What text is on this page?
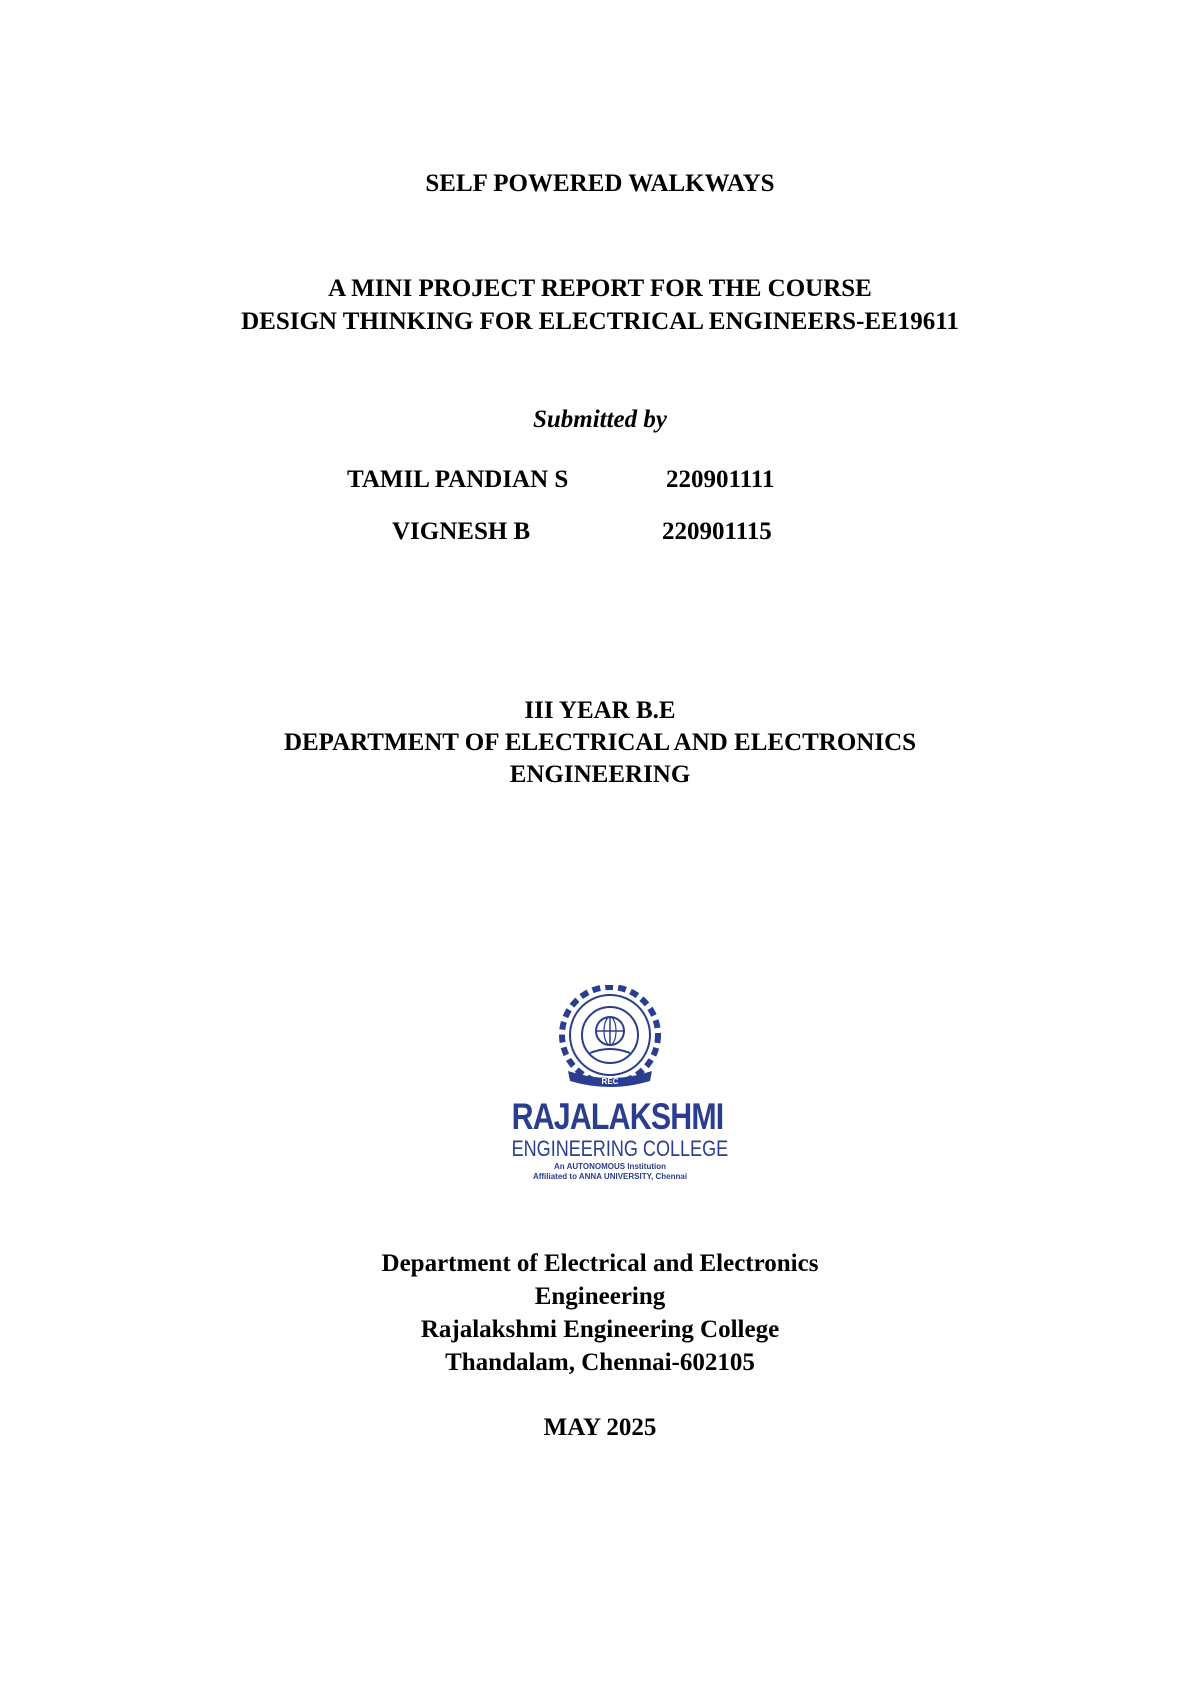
SELF POWERED WALKWAYS
A MINI PROJECT REPORT FOR THE COURSE
DESIGN THINKING FOR ELECTRICAL ENGINEERS-EE19611
Submitted by
TAMIL PANDIAN S	220901111
VIGNESH B	220901115
III YEAR B.E
DEPARTMENT OF ELECTRICAL AND ELECTRONICS
ENGINEERING
REC
RAJALAKSHMI
ENGINEERING COLLEGE
An AUTONOMOUS Institution
Affiliated to ANNA UNIVERSITY, Chennai
Department of Electrical and Electronics
Engineering
Rajalakshmi Engineering College
Thandalam, Chennai-602105
MAY 2025
